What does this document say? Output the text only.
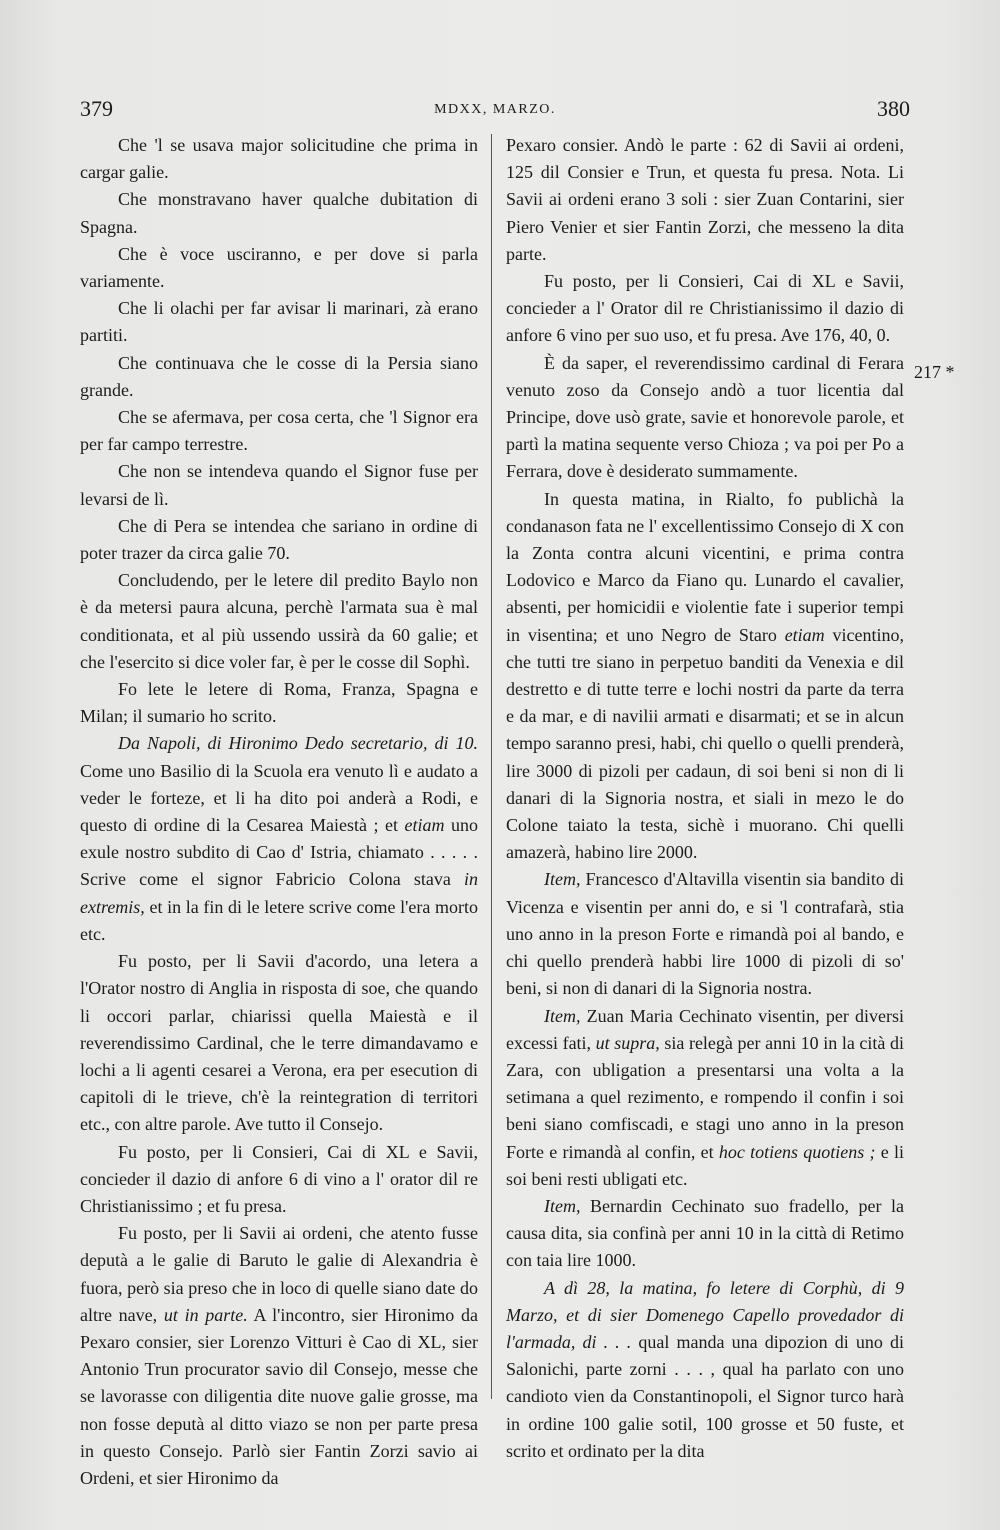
379	MDXX, MARZO.	380

Che 'l se usava major solicitudine che prima in cargar galie.

Che monstravano haver qualche dubitation di Spagna.

Che è voce usciranno, e per dove si parla variamente.

Che li olachi per far avisar li marinari, zà erano partiti.

Che continuava che le cosse di la Persia siano grande.

Che se afermava, per cosa certa, che 'l Signor era per far campo terrestre.

Che non se intendeva quando el Signor fuse per levarsi de lì.

Che di Pera se intendea che sariano in ordine di poter trazer da circa galie 70.

Concludendo, per le letere dil predito Baylo non è da metersi paura alcuna, perchè l'armata sua è mal conditionata, et al più ussendo ussirà da 60 galie; et che l'esercito si dice voler far, è per le cosse dil Sophì.

Fo lete le letere di Roma, Franza, Spagna e Milan; il sumario ho scrito.

Da Napoli, di Hironimo Dedo secretario, di 10. Come uno Basilio di la Scuola era venuto lì e audato a veder le forteze, et li ha dito poi anderà a Rodi, e questo di ordine di la Cesarea Maiestà ; et etiam uno exule nostro subdito di Cao d' Istria, chiamato . . . . . Scrive come el signor Fabricio Colona stava in extremis, et in la fin di le letere scrive come l'era morto etc.

Fu posto, per li Savii d'acordo, una letera a l'Orator nostro di Anglia in risposta di soe, che quando li occori parlar, chiarissi quella Maiestà e il reverendissimo Cardinal, che le terre dimandavamo e lochi a li agenti cesarei a Verona, era per esecution di capitoli di le trieve, ch'è la reintegration di territori etc., con altre parole. Ave tutto il Consejo.

Fu posto, per li Consieri, Cai di XL e Savii, concieder il dazio di anfore 6 di vino a l' orator dil re Christianissimo ; et fu presa.

Fu posto, per li Savii ai ordeni, che atento fusse deputà a le galie di Baruto le galie di Alexandria è fuora, però sia preso che in loco di quelle siano date do altre nave, ut in parte. A l'incontro, sier Hironimo da Pexaro consier, sier Lorenzo Vitturi è Cao di XL, sier Antonio Trun procurator savio dil Consejo, messe che se lavorasse con diligentia dite nuove galie grosse, ma non fosse deputà al ditto viazo se non per parte presa in questo Consejo. Parlò sier Fantin Zorzi savio ai Ordeni, et sier Hironimo da

Pexaro consier. Andò le parte : 62 di Savii ai ordeni, 125 dil Consier e Trun, et questa fu presa. Nota. Li Savii ai ordeni erano 3 soli : sier Zuan Contarini, sier Piero Venier et sier Fantin Zorzi, che messeno la dita parte.

Fu posto, per li Consieri, Cai di XL e Savii, concieder a l' Orator dil re Christianissimo il dazio di anfore 6 vino per suo uso, et fu presa. Ave 176, 40, 0.

È da saper, el reverendissimo cardinal di Ferara venuto zoso da Consejo andò a tuor licentia dal Principe, dove usò grate, savie et honorevole parole, et partì la matina sequente verso Chioza ; va poi per Po a Ferrara, dove è desiderato summamente.

In questa matina, in Rialto, fo publichà la condanason fata ne l' excellentissimo Consejo di X con la Zonta contra alcuni vicentini, e prima contra Lodovico e Marco da Fiano qu. Lunardo el cavalier, absenti, per homicidii e violentie fate i superior tempi in visentina; et uno Negro de Staro etiam vicentino, che tutti tre siano in perpetuo banditi da Venexia e dil destretto e di tutte terre e lochi nostri da parte da terra e da mar, e di navilii armati e disarmati; et se in alcun tempo saranno presi, habi, chi quello o quelli prenderà, lire 3000 di pizoli per cadaun, di soi beni si non di li danari di la Signoria nostra, et siali in mezo le do Colone taiato la testa, sichè i muorano. Chi quelli amazerà, habino lire 2000.

Item, Francesco d'Altavilla visentin sia bandito di Vicenza e visentin per anni do, e si 'l contrafarà, stia uno anno in la preson Forte e rimandà poi al bando, e chi quello prenderà habbi lire 1000 di pizoli di so' beni, si non di danari di la Signoria nostra.

Item, Zuan Maria Cechinato visentin, per diversi excessi fati, ut supra, sia relegà per anni 10 in la cità di Zara, con ubligation a presentarsi una volta a la setimana a quel rezimento, e rompendo il confin i soi beni siano comfiscadi, e stagi uno anno in la preson Forte e rimandà al confin, et hoc totiens quotiens ; e li soi beni resti ubligati etc.

Item, Bernardin Cechinato suo fradello, per la causa dita, sia confinà per anni 10 in la città di Retimo con taia lire 1000.

A dì 28, la matina, fo letere di Corphù, di 9 Marzo, et di sier Domenego Capello provedador di l'armada, di . . . qual manda una dipozion di uno di Salonichi, parte zorni . . . , qual ha parlato con uno candioto vien da Constantinopoli, el Signor turco harà in ordine 100 galie sotil, 100 grosse et 50 fuste, et scrito et ordinato per la dita

217 *
